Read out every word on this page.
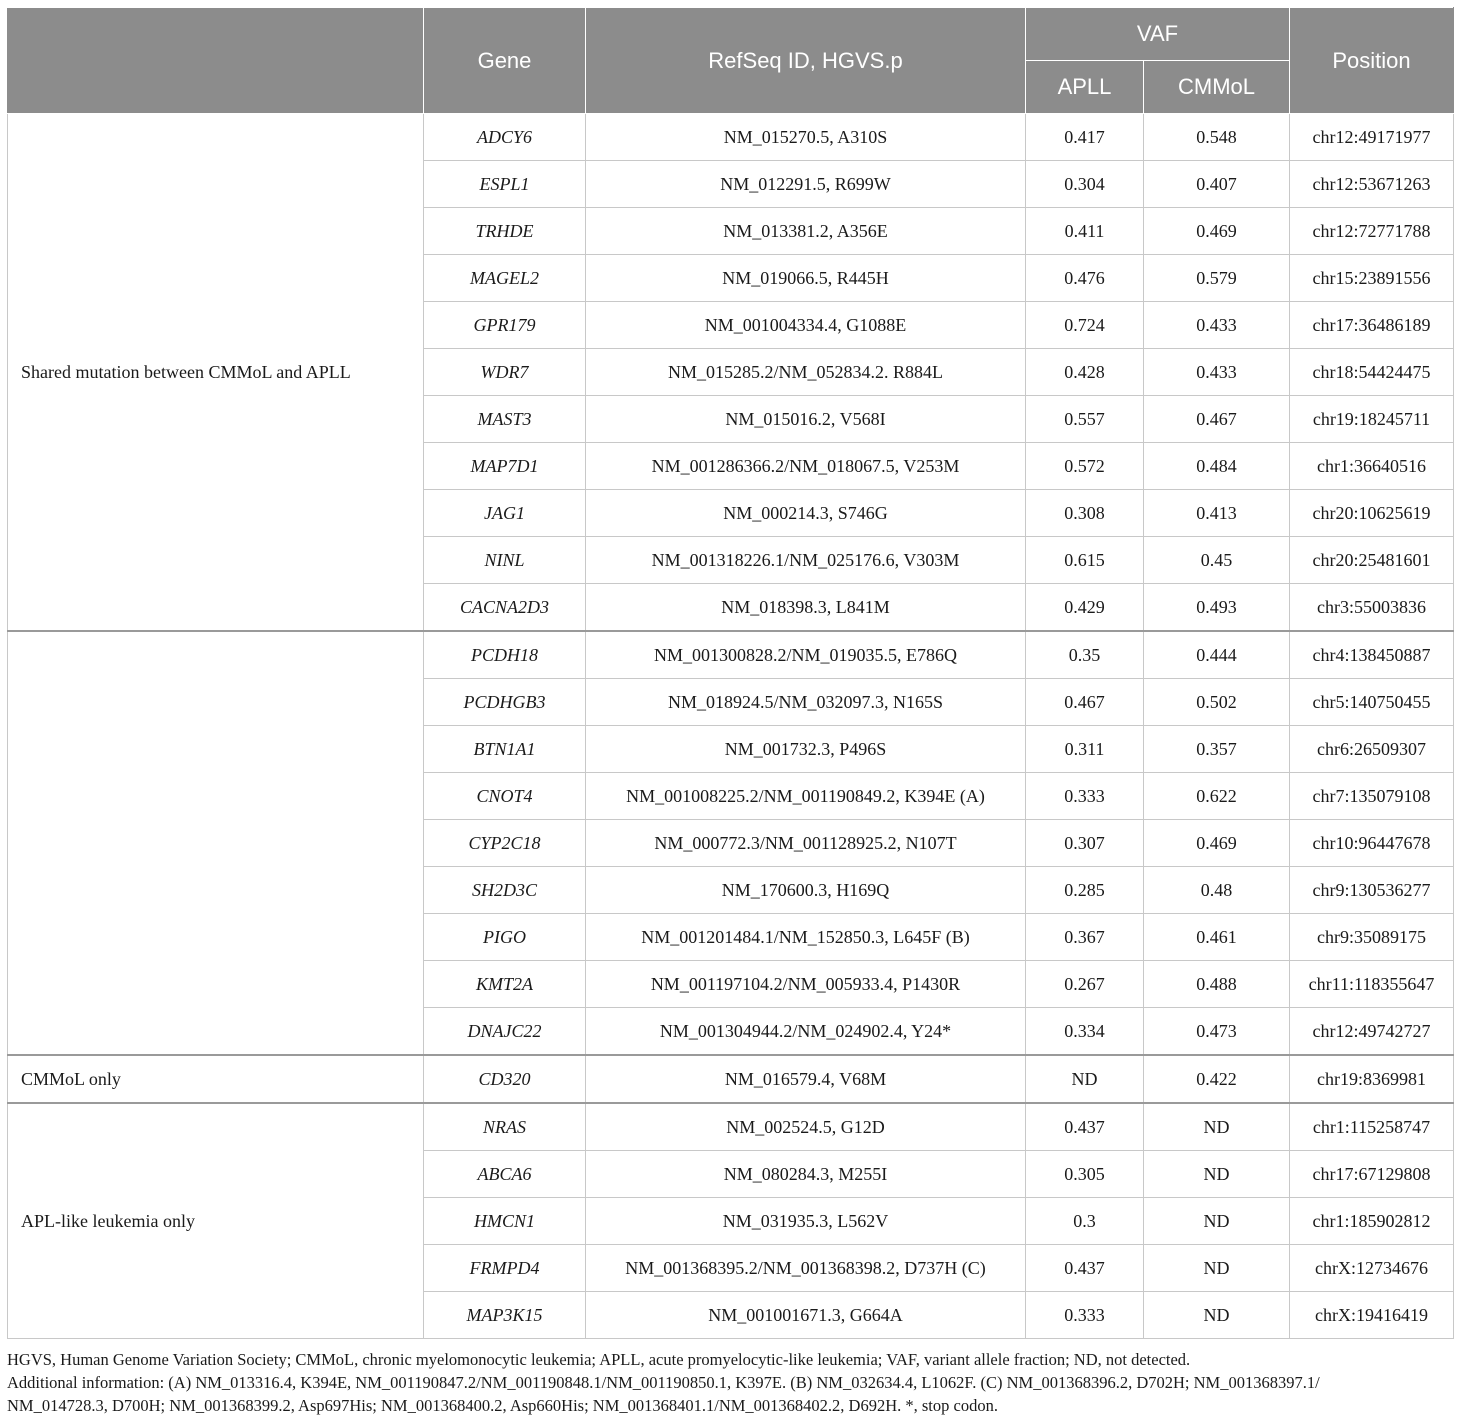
	Gene	RefSeq ID, HGVS.p	VAF		Position
			APLL	CMMoL	
Shared mutation between CMMoL and APLL	ADCY6	NM_015270.5, A310S	0.417	0.548	chr12:49171977
	ESPL1	NM_012291.5, R699W	0.304	0.407	chr12:53671263
	TRHDE	NM_013381.2, A356E	0.411	0.469	chr12:72771788
	MAGEL2	NM_019066.5, R445H	0.476	0.579	chr15:23891556
	GPR179	NM_001004334.4, G1088E	0.724	0.433	chr17:36486189
	WDR7	NM_015285.2/NM_052834.2. R884L	0.428	0.433	chr18:54424475
	MAST3	NM_015016.2, V568I	0.557	0.467	chr19:18245711
	MAP7D1	NM_001286366.2/NM_018067.5, V253M	0.572	0.484	chr1:36640516
	JAG1	NM_000214.3, S746G	0.308	0.413	chr20:10625619
	NINL	NM_001318226.1/NM_025176.6, V303M	0.615	0.45	chr20:25481601
	CACNA2D3	NM_018398.3, L841M	0.429	0.493	chr3:55003836
	PCDH18	NM_001300828.2/NM_019035.5, E786Q	0.35	0.444	chr4:138450887
	PCDHGB3	NM_018924.5/NM_032097.3, N165S	0.467	0.502	chr5:140750455
	BTN1A1	NM_001732.3, P496S	0.311	0.357	chr6:26509307
	CNOT4	NM_001008225.2/NM_001190849.2, K394E (A)	0.333	0.622	chr7:135079108
	CYP2C18	NM_000772.3/NM_001128925.2, N107T	0.307	0.469	chr10:96447678
	SH2D3C	NM_170600.3, H169Q	0.285	0.48	chr9:130536277
	PIGO	NM_001201484.1/NM_152850.3, L645F (B)	0.367	0.461	chr9:35089175
	KMT2A	NM_001197104.2/NM_005933.4, P1430R	0.267	0.488	chr11:118355647
	DNAJC22	NM_001304944.2/NM_024902.4, Y24*	0.334	0.473	chr12:49742727
CMMoL only	CD320	NM_016579.4, V68M	ND	0.422	chr19:8369981
APL-like leukemia only	NRAS	NM_002524.5, G12D	0.437	ND	chr1:115258747
	ABCA6	NM_080284.3, M255I	0.305	ND	chr17:67129808
	HMCN1	NM_031935.3, L562V	0.3	ND	chr1:185902812
	FRMPD4	NM_001368395.2/NM_001368398.2, D737H (C)	0.437	ND	chrX:12734676
	MAP3K15	NM_001001671.3, G664A	0.333	ND	chrX:19416419
HGVS, Human Genome Variation Society; CMMoL, chronic myelomonocytic leukemia; APLL, acute promyelocytic-like leukemia; VAF, variant allele fraction; ND, not detected.
Additional information: (A) NM_013316.4, K394E, NM_001190847.2/NM_001190848.1/NM_001190850.1, K397E. (B) NM_032634.4, L1062F. (C) NM_001368396.2, D702H; NM_001368397.1/
NM_014728.3, D700H; NM_001368399.2, Asp697His; NM_001368400.2, Asp660His; NM_001368401.1/NM_001368402.2, D692H. *, stop codon.
